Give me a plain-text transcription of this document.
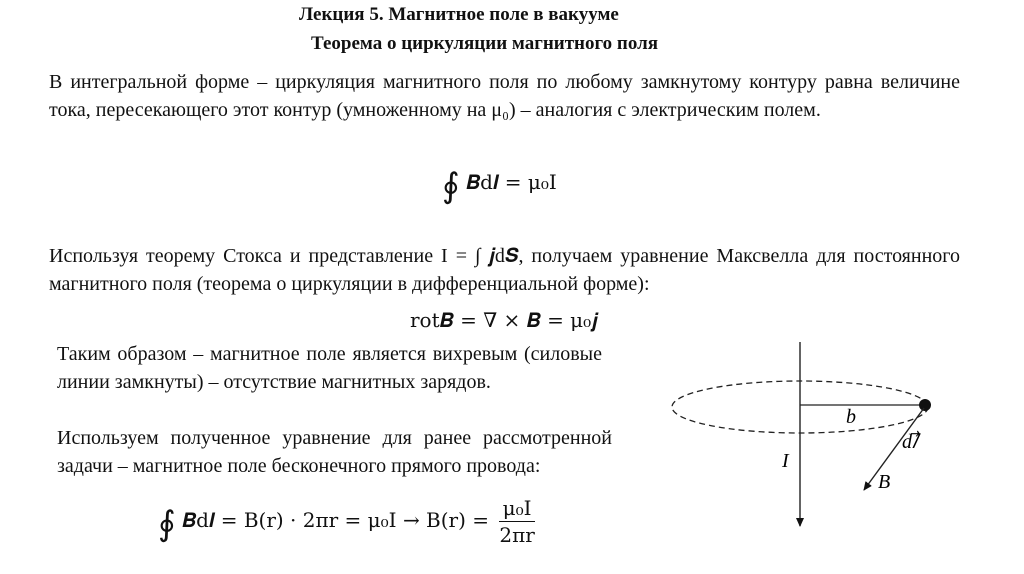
Лекция 5. Магнитное поле в вакууме
Теорема о циркуляции магнитного поля
В интегральной форме – циркуляция магнитного поля по любому замкнутому контуру равна величине тока, пересекающего этот контур (умноженному на μ₀) – аналогия с электрическим полем.
∮ 𝑩d𝒍 = μ₀I
Используя теорему Стокса и представление I = ∫ 𝒋d𝑺, получаем уравнение Максвелла для постоянного магнитного поля (теорема о циркуляции в дифференциальной форме):
rot𝑩 = ∇ × 𝑩 = μ₀𝒋
Таким образом – магнитное поле является вихревым (силовые линии замкнуты) – отсутствие магнитных зарядов.
Используем полученное уравнение для ранее рассмотренной задачи – магнитное поле бесконечного прямого провода:
∮ 𝑩d𝒍 = $B(r) \cdot 2\pi r = \mu_0I \to B(r) = \frac{\text{μ₀I}}{2\pi r}$
I
b
d𝑙⃗
B⃗
